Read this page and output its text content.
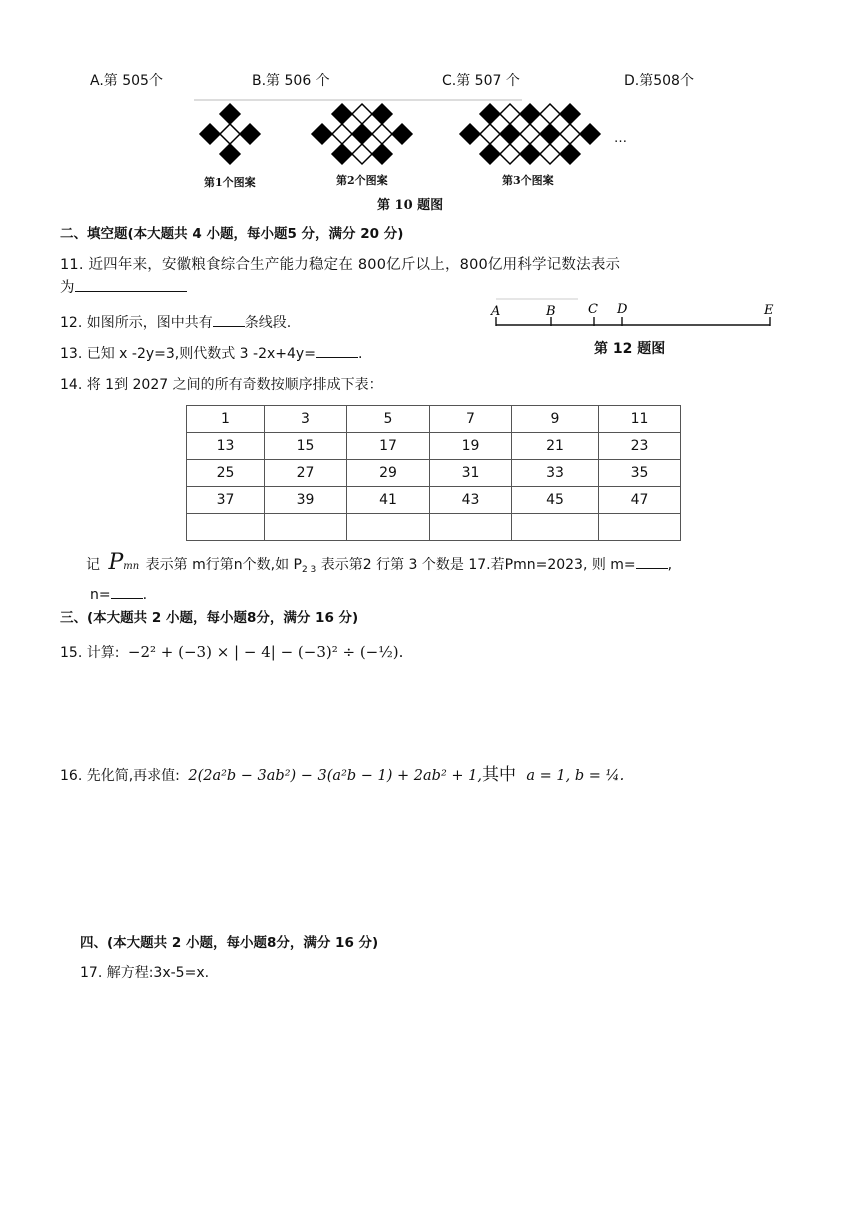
A.第 505个	B.第 506 个	C.第 507 个	D.第508个
第1个图案	第2个图案	第3个图案
…
第 10 题图
二、填空题(本大题共 4 小题，每小题5 分，满分 20 分)
11. 近四年来，安徽粮食综合生产能力稳定在 800亿斤以上，800亿用科学记数法表示
为
12. 如图所示，图中共有 条线段.
A	B C D	E
第 12 题图
13. 已知 x -2y=3,则代数式 3 -2x+4y=	.
14. 将 1到 2027 之间的所有奇数按顺序排成下表：
1	3	5	7	9	11
13	15	17	19	21	23
25	27	29	31	33	35
37	39	41	43	45	47

记 Pmn 表示第 m行第n个数,如 $P_{2 3}$ 表示第2 行第 3 个数是 17.若Pmn=2023, 则 m= ,
n= .
三、(本大题共 2 小题，每小题8分，满分 16 分)
15. 计算: −2² + (−3) × | − 4| − (−3)² ÷ (−½).
16. 先化简,再求值: 2(2a²b − 3ab²) − 3(a²b − 1) + 2ab² + 1,其中 a = 1, b = ¼.
四、(本大题共 2 小题，每小题8分，满分 16 分)
17. 解方程:3x-5=x.
